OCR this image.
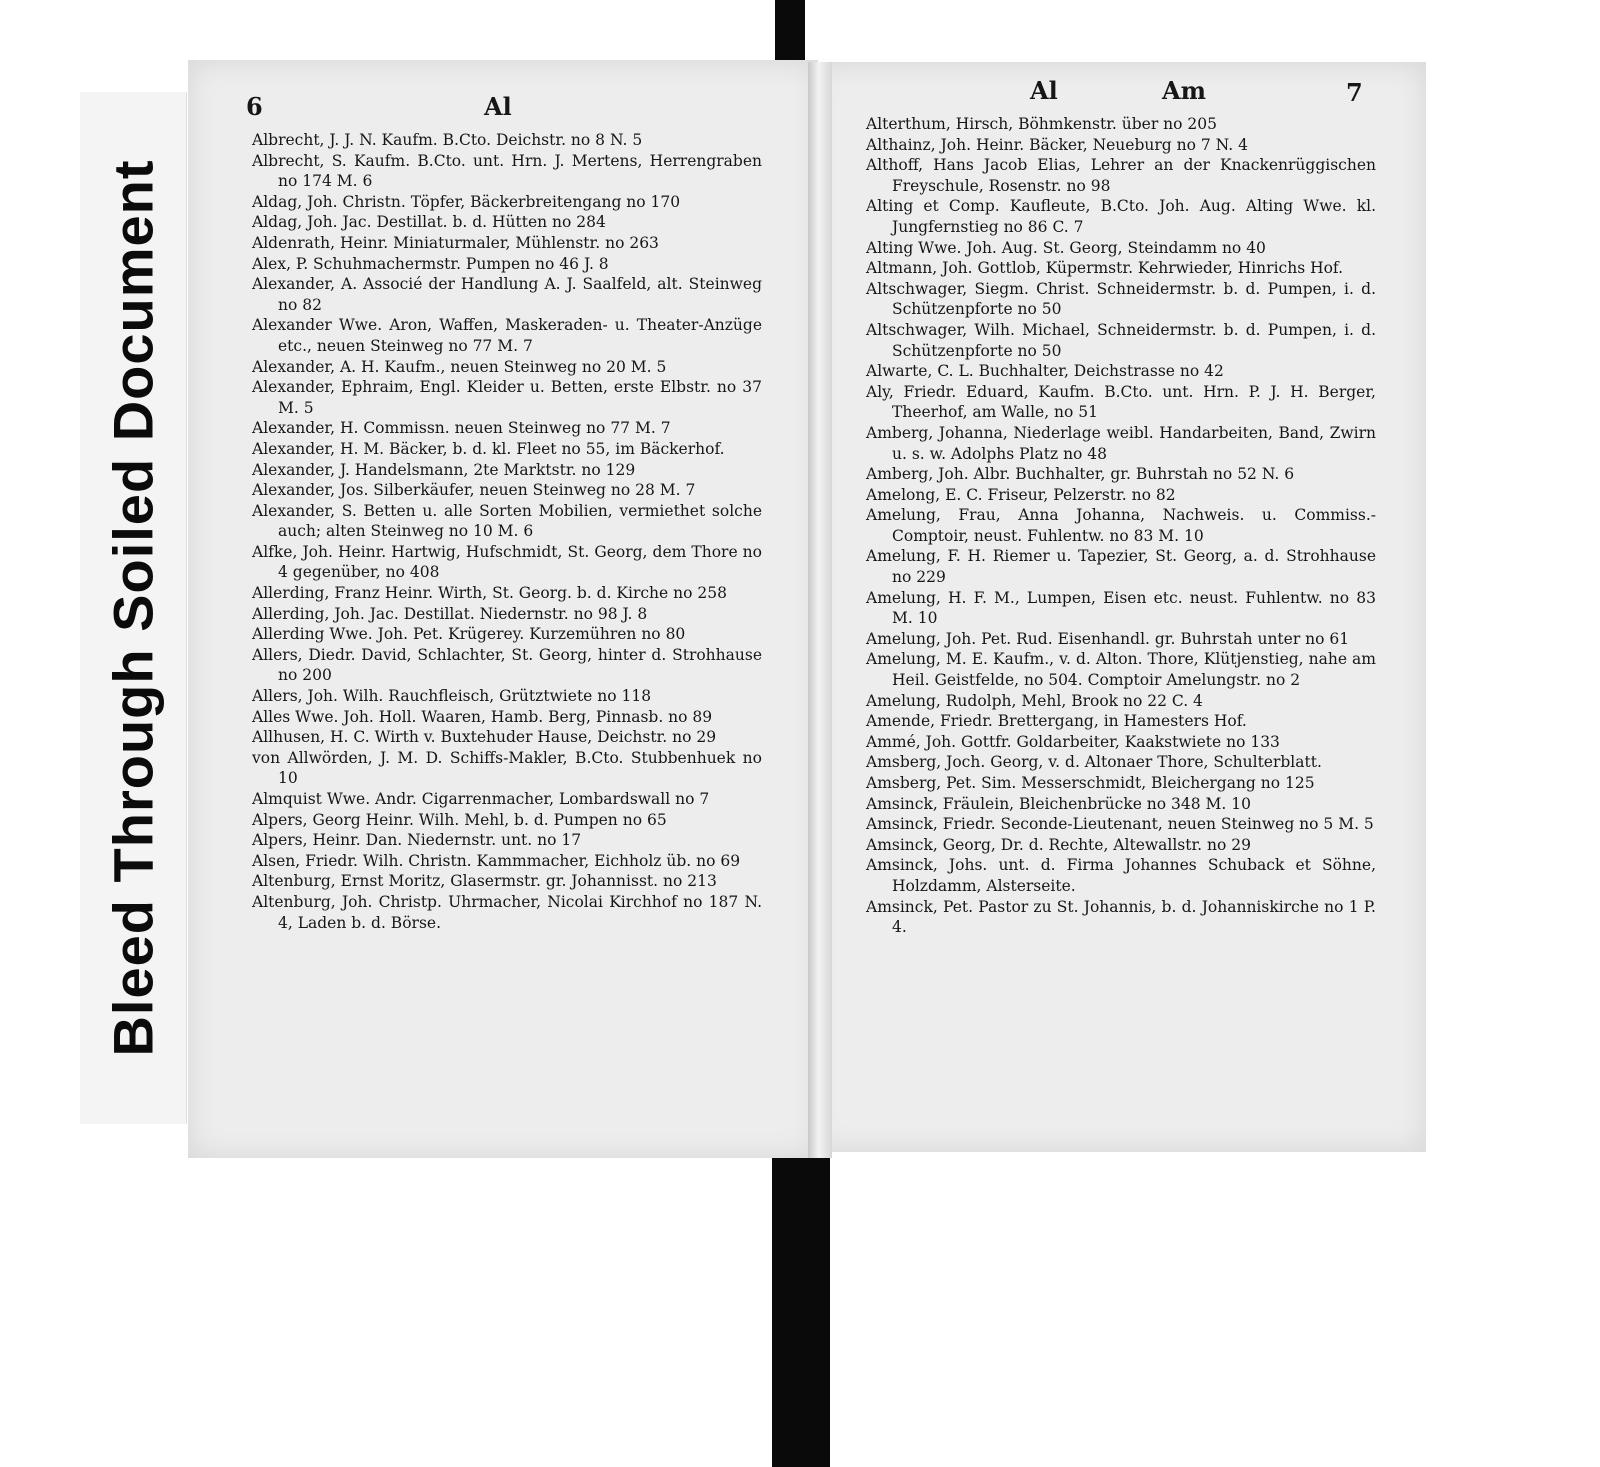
Bleed Through Soiled Document
6	Al
Al	Am	7
Albrecht, J. J. N. Kaufm. B.Cto. Deichstr. no 8 N. 5
Albrecht, S. Kaufm. B.Cto. unt. Hrn. J. Mertens, Herrengraben no 174 M. 6
Aldag, Joh. Christn. Töpfer, Bäckerbreitengang no 170
Aldag, Joh. Jac. Destillat. b. d. Hütten no 284
Aldenrath, Heinr. Miniaturmaler, Mühlenstr. no 263
Alex, P. Schuhmachermstr. Pumpen no 46 J. 8
Alexander, A. Associé der Handlung A. J. Saalfeld, alt. Steinweg no 82
Alexander Wwe. Aron, Waffen, Maskeraden- u. Theater-Anzüge etc., neuen Steinweg no 77 M. 7
Alexander, A. H. Kaufm., neuen Steinweg no 20 M. 5
Alexander, Ephraim, Engl. Kleider u. Betten, erste Elbstr. no 37 M. 5
Alexander, H. Commissn. neuen Steinweg no 77 M. 7
Alexander, H. M. Bäcker, b. d. kl. Fleet no 55, im Bäckerhof.
Alexander, J. Handelsmann, 2te Marktstr. no 129
Alexander, Jos. Silberkäufer, neuen Steinweg no 28 M. 7
Alexander, S. Betten u. alle Sorten Mobilien, vermiethet solche auch; alten Steinweg no 10 M. 6
Alfke, Joh. Heinr. Hartwig, Hufschmidt, St. Georg, dem Thore no 4 gegenüber, no 408
Allerding, Franz Heinr. Wirth, St. Georg. b. d. Kirche no 258
Allerding, Joh. Jac. Destillat. Niedernstr. no 98 J. 8
Allerding Wwe. Joh. Pet. Krügerey. Kurzemühren no 80
Allers, Diedr. David, Schlachter, St. Georg, hinter d. Strohhause no 200
Allers, Joh. Wilh. Rauchfleisch, Grütztwiete no 118
Alles Wwe. Joh. Holl. Waaren, Hamb. Berg, Pinnasb. no 89
Allhusen, H. C. Wirth v. Buxtehuder Hause, Deichstr. no 29
von Allwörden, J. M. D. Schiffs-Makler, B.Cto. Stubbenhuek no 10
Almquist Wwe. Andr. Cigarrenmacher, Lombardswall no 7
Alpers, Georg Heinr. Wilh. Mehl, b. d. Pumpen no 65
Alpers, Heinr. Dan. Niedernstr. unt. no 17
Alsen, Friedr. Wilh. Christn. Kammmacher, Eichholz üb. no 69
Altenburg, Ernst Moritz, Glasermstr. gr. Johannisst. no 213
Altenburg, Joh. Christp. Uhrmacher, Nicolai Kirchhof no 187 N. 4, Laden b. d. Börse.
Alterthum, Hirsch, Böhmkenstr. über no 205
Althainz, Joh. Heinr. Bäcker, Neueburg no 7 N. 4
Althoff, Hans Jacob Elias, Lehrer an der Knackenrüggischen Freyschule, Rosenstr. no 98
Alting et Comp. Kaufleute, B.Cto. Joh. Aug. Alting Wwe. kl. Jungfernstieg no 86 C. 7
Alting Wwe. Joh. Aug. St. Georg, Steindamm no 40
Altmann, Joh. Gottlob, Küpermstr. Kehrwieder, Hinrichs Hof.
Altschwager, Siegm. Christ. Schneidermstr. b. d. Pumpen, i. d. Schützenpforte no 50
Altschwager, Wilh. Michael, Schneidermstr. b. d. Pumpen, i. d. Schützenpforte no 50
Alwarte, C. L. Buchhalter, Deichstrasse no 42
Aly, Friedr. Eduard, Kaufm. B.Cto. unt. Hrn. P. J. H. Berger, Theerhof, am Walle, no 51
Amberg, Johanna, Niederlage weibl. Handarbeiten, Band, Zwirn u. s. w. Adolphs Platz no 48
Amberg, Joh. Albr. Buchhalter, gr. Buhrstah no 52 N. 6
Amelong, E. C. Friseur, Pelzerstr. no 82
Amelung, Frau, Anna Johanna, Nachweis. u. Commiss.-Comptoir, neust. Fuhlentw. no 83 M. 10
Amelung, F. H. Riemer u. Tapezier, St. Georg, a. d. Strohhause no 229
Amelung, H. F. M., Lumpen, Eisen etc. neust. Fuhlentw. no 83 M. 10
Amelung, Joh. Pet. Rud. Eisenhandl. gr. Buhrstah unter no 61
Amelung, M. E. Kaufm., v. d. Alton. Thore, Klütjenstieg, nahe am Heil. Geistfelde, no 504. Comptoir Amelungstr. no 2
Amelung, Rudolph, Mehl, Brook no 22 C. 4
Amende, Friedr. Brettergang, in Hamesters Hof.
Ammé, Joh. Gottfr. Goldarbeiter, Kaakstwiete no 133
Amsberg, Joch. Georg, v. d. Altonaer Thore, Schulterblatt.
Amsberg, Pet. Sim. Messerschmidt, Bleichergang no 125
Amsinck, Fräulein, Bleichenbrücke no 348 M. 10
Amsinck, Friedr. Seconde-Lieutenant, neuen Steinweg no 5 M. 5
Amsinck, Georg, Dr. d. Rechte, Altewallstr. no 29
Amsinck, Johs. unt. d. Firma Johannes Schuback et Söhne, Holzdamm, Alsterseite.
Amsinck, Pet. Pastor zu St. Johannis, b. d. Johanniskirche no 1 P. 4.
